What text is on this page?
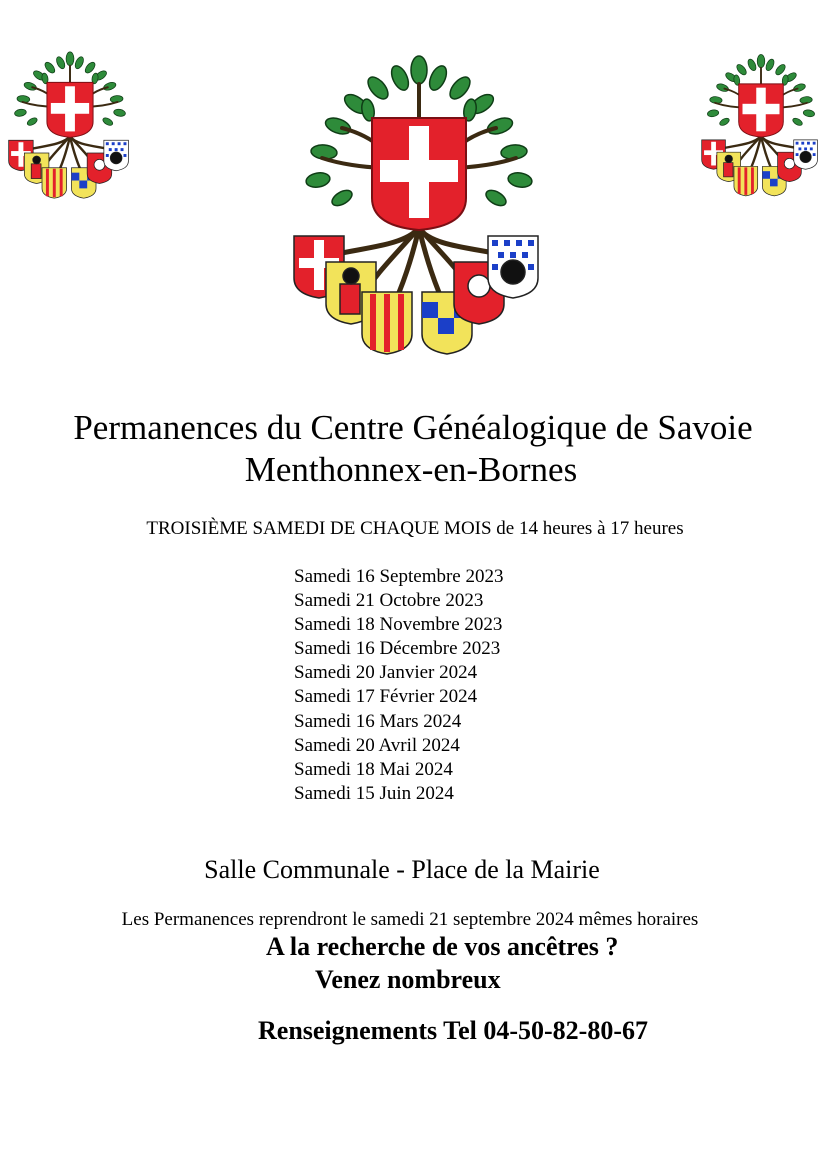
Permanences du Centre Généalogique de Savoie
Menthonnex-en-Bornes
TROISIÈME SAMEDI DE CHAQUE MOIS de 14 heures à 17 heures
Samedi 16 Septembre 2023
Samedi 21 Octobre 2023
Samedi 18 Novembre 2023
Samedi 16 Décembre 2023
Samedi 20 Janvier 2024
Samedi 17 Février 2024
Samedi 16 Mars 2024
Samedi 20 Avril 2024
Samedi 18 Mai 2024
Samedi 15 Juin 2024
Salle Communale - Place de la Mairie
Les Permanences reprendront le samedi 21 septembre 2024 mêmes horaires
A la recherche de vos ancêtres ?
Venez nombreux
Renseignements Tel 04-50-82-80-67
